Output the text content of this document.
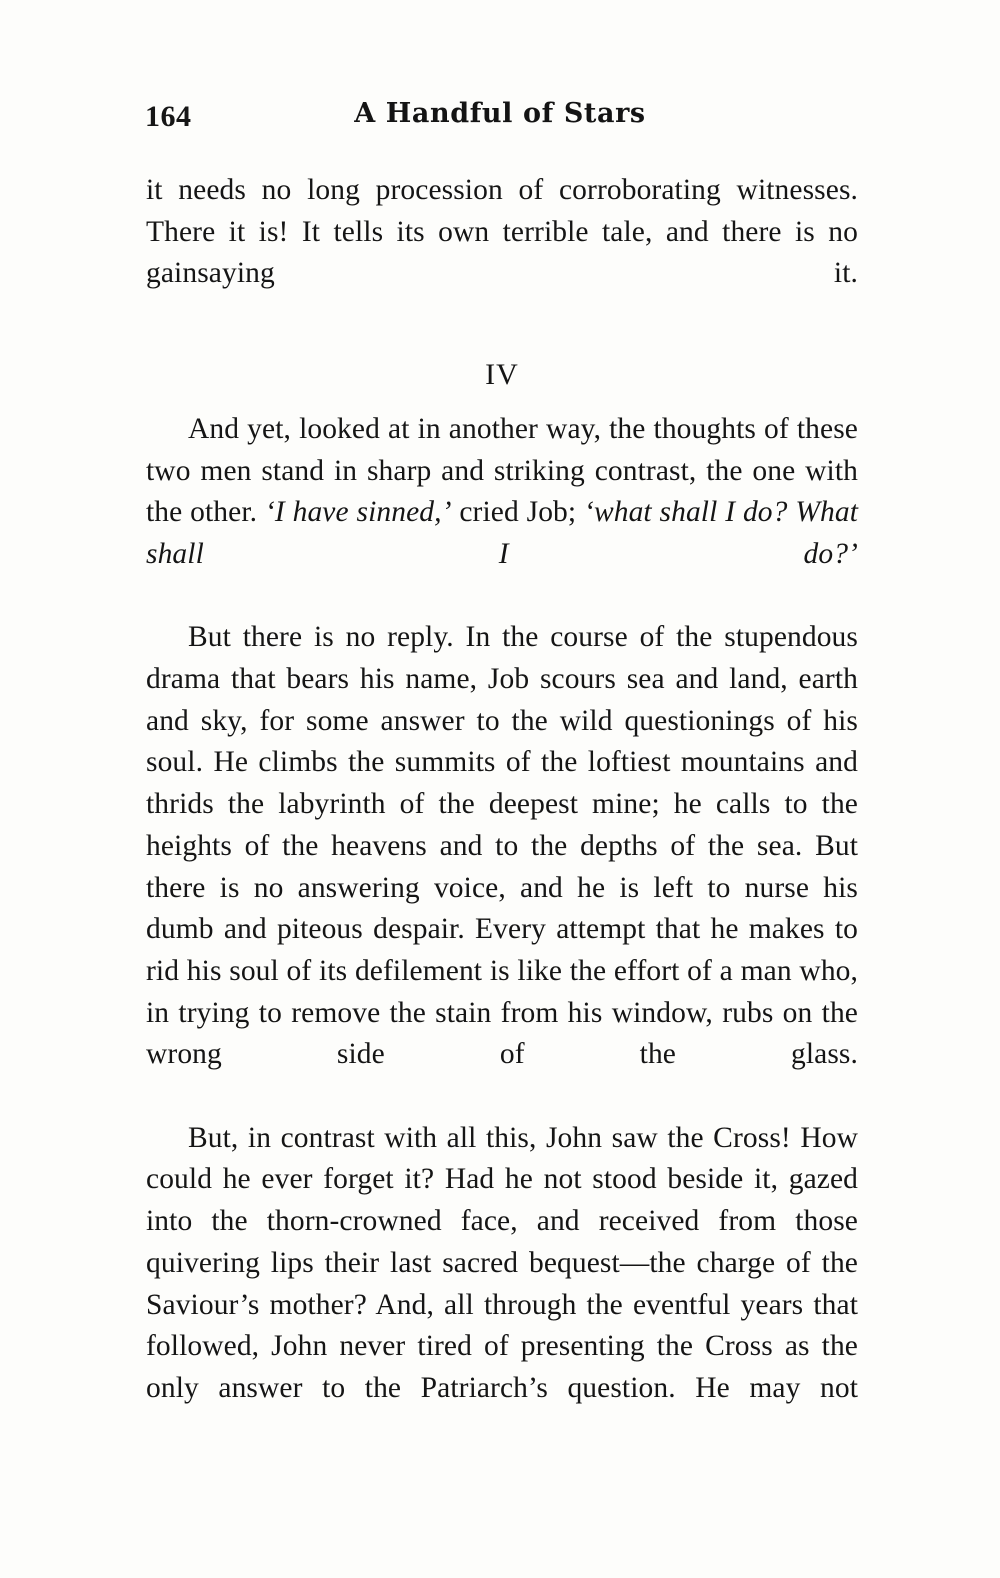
164	A Handful of Stars

it needs no long procession of corroborating witnesses. There it is! It tells its own terrible tale, and there is no gainsaying it.

IV

And yet, looked at in another way, the thoughts of these two men stand in sharp and striking contrast, the one with the other. ‘I have sinned,’ cried Job; ‘what shall I do? What shall I do?’

But there is no reply. In the course of the stupendous drama that bears his name, Job scours sea and land, earth and sky, for some answer to the wild questionings of his soul. He climbs the summits of the loftiest mountains and thrids the labyrinth of the deepest mine; he calls to the heights of the heavens and to the depths of the sea. But there is no answering voice, and he is left to nurse his dumb and piteous despair. Every attempt that he makes to rid his soul of its defilement is like the effort of a man who, in trying to remove the stain from his window, rubs on the wrong side of the glass.

But, in contrast with all this, John saw the Cross! How could he ever forget it? Had he not stood beside it, gazed into the thorn-crowned face, and received from those quivering lips their last sacred bequest—the charge of the Saviour’s mother? And, all through the eventful years that followed, John never tired of presenting the Cross as the only answer to the Patriarch’s question. He may not
